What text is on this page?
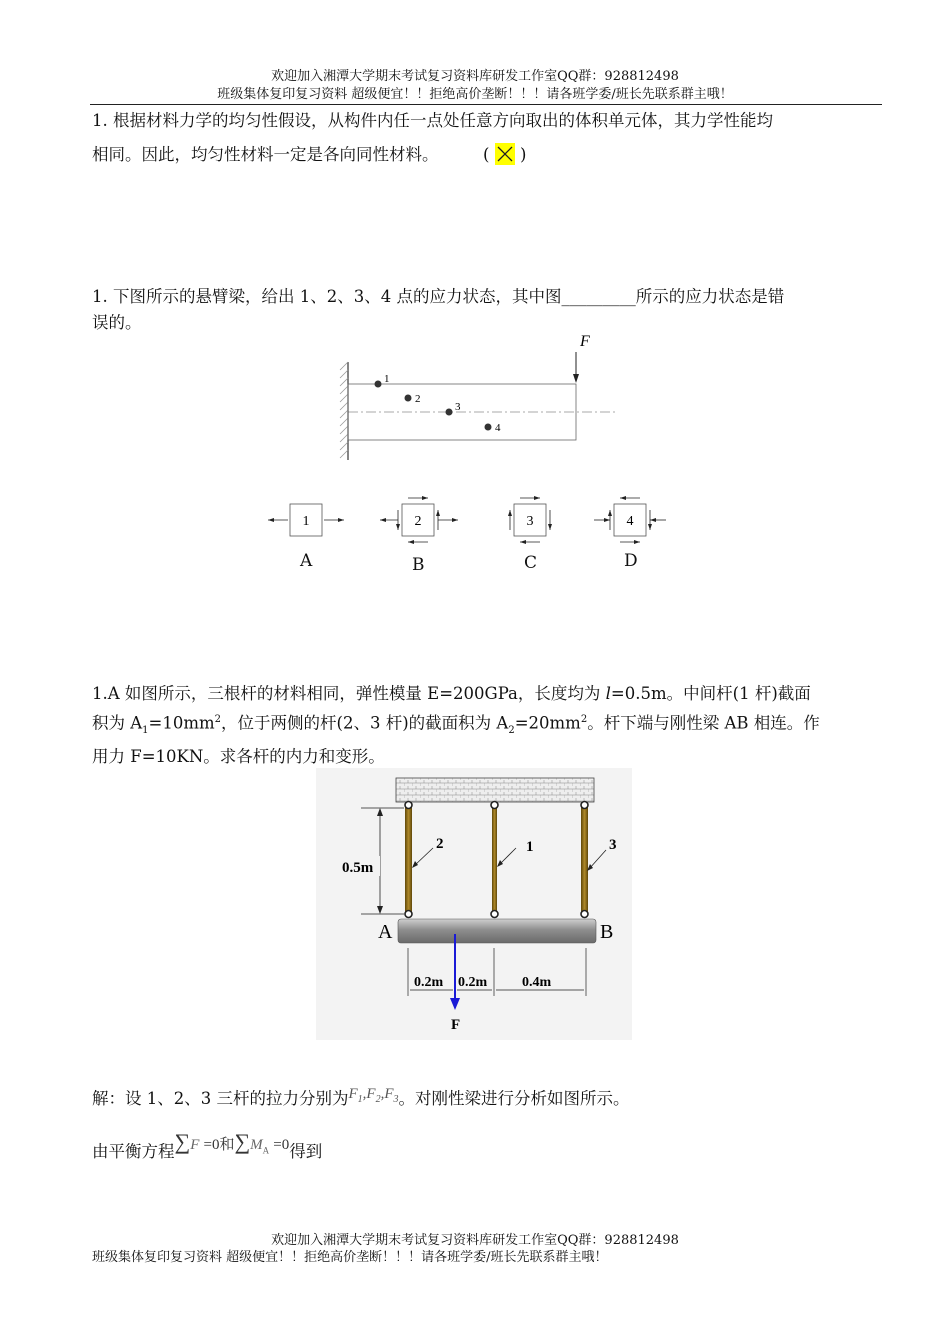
欢迎加入湘潭大学期末考试复习资料库研发工作室QQ群：928812498
班级集体复印复习资料 超级便宜！！拒绝高价垄断！！！请各班学委/班长先联系群主哦！
1. 根据材料力学的均匀性假设，从构件内任一点处任意方向取出的体积单元体，其力学性能均
相同。因此，均匀性材料一定是各向同性材料。	( )
1. 下图所示的悬臂梁，给出 1、2、3、4 点的应力状态，其中图_________所示的应力状态是错
误的。
F
1
2
3
4
1	2	3	4
A	B	C	D
1.A 如图所示，三根杆的材料相同，弹性模量 E=200GPa，长度均为 l=0.5m。中间杆(1 杆)截面
积为 $A_1=10mm^2$，位于两侧的杆(2、3 杆)的截面积为 $A_2=20mm^2$。杆下端与刚性梁 AB 相连。作
用力 F=10KN。求各杆的内力和变形。
0.5m
2	1	3
A	B
F
0.2m 0.2m 0.4m
解：设 1、2、3 三杆的拉力分别为$F_1,F_2,F_3$。对刚性梁进行分析如图所示。
由平衡方程∑F =0和$\sum M_A =0$得到
欢迎加入湘潭大学期末考试复习资料库研发工作室QQ群：928812498
班级集体复印复习资料 超级便宜！！拒绝高价垄断！！！请各班学委/班长先联系群主哦！
